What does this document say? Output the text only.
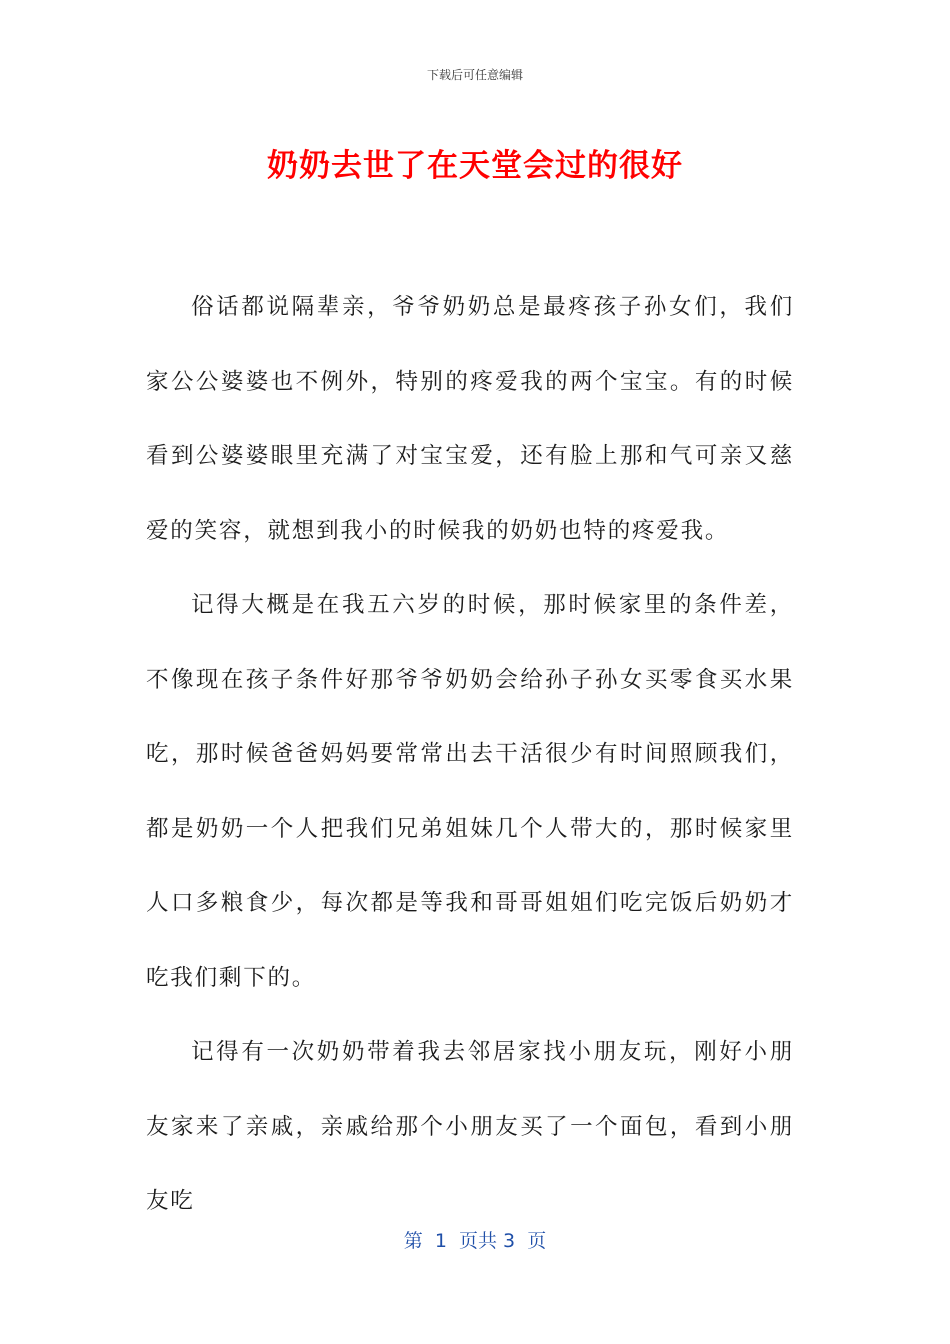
下载后可任意编辑
奶奶去世了在天堂会过的很好

俗话都说隔辈亲，爷爷奶奶总是最疼孩子孙女们，我们家公公婆婆也不例外，特别的疼爱我的两个宝宝。有的时候看到公婆婆眼里充满了对宝宝爱，还有脸上那和气可亲又慈爱的笑容，就想到我小的时候我的奶奶也特的疼爱我。

记得大概是在我五六岁的时候，那时候家里的条件差，不像现在孩子条件好那爷爷奶奶会给孙子孙女买零食买水果吃，那时候爸爸妈妈要常常出去干活很少有时间照顾我们，都是奶奶一个人把我们兄弟姐妹几个人带大的，那时候家里人口多粮食少，每次都是等我和哥哥姐姐们吃完饭后奶奶才吃我们剩下的。

记得有一次奶奶带着我去邻居家找小朋友玩，刚好小朋友家来了亲戚，亲戚给那个小朋友买了一个面包，看到小朋友吃

第  1  页共 3  页
